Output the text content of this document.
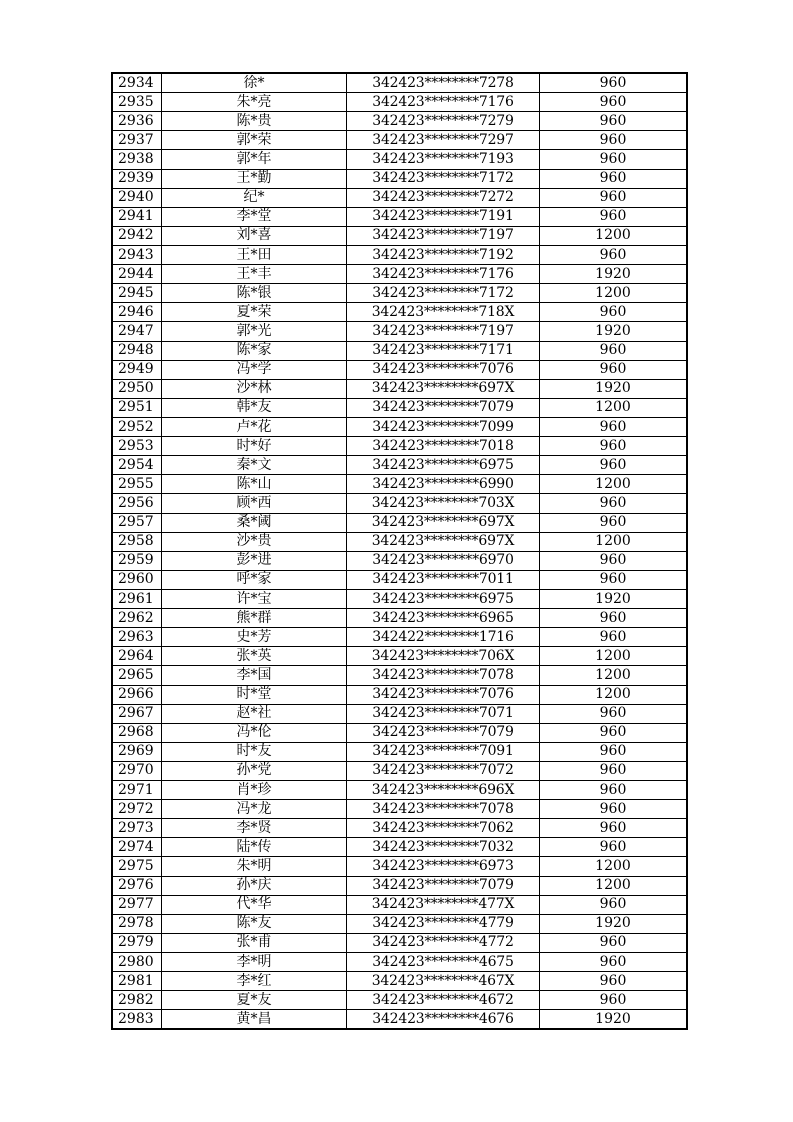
2934	徐*	342423********7278	960
2935	朱*亮	342423********7176	960
2936	陈*贵	342423********7279	960
2937	郭*荣	342423********7297	960
2938	郭*年	342423********7193	960
2939	王*勤	342423********7172	960
2940	纪*	342423********7272	960
2941	李*堂	342423********7191	960
2942	刘*喜	342423********7197	1200
2943	王*田	342423********7192	960
2944	王*丰	342423********7176	1920
2945	陈*银	342423********7172	1200
2946	夏*荣	342423********718X	960
2947	郭*光	342423********7197	1920
2948	陈*家	342423********7171	960
2949	冯*学	342423********7076	960
2950	沙*林	342423********697X	1920
2951	韩*友	342423********7079	1200
2952	卢*花	342423********7099	960
2953	时*好	342423********7018	960
2954	秦*文	342423********6975	960
2955	陈*山	342423********6990	1200
2956	顾*西	342423********703X	960
2957	桑*阈	342423********697X	960
2958	沙*贵	342423********697X	1200
2959	彭*进	342423********6970	960
2960	呼*家	342423********7011	960
2961	许*宝	342423********6975	1920
2962	熊*群	342423********6965	960
2963	史*芳	342422********1716	960
2964	张*英	342423********706X	1200
2965	李*国	342423********7078	1200
2966	时*堂	342423********7076	1200
2967	赵*社	342423********7071	960
2968	冯*伦	342423********7079	960
2969	时*友	342423********7091	960
2970	孙*党	342423********7072	960
2971	肖*珍	342423********696X	960
2972	冯*龙	342423********7078	960
2973	李*贤	342423********7062	960
2974	陆*传	342423********7032	960
2975	朱*明	342423********6973	1200
2976	孙*庆	342423********7079	1200
2977	代*华	342423********477X	960
2978	陈*友	342423********4779	1920
2979	张*甫	342423********4772	960
2980	李*明	342423********4675	960
2981	李*红	342423********467X	960
2982	夏*友	342423********4672	960
2983	黄*昌	342423********4676	1920
